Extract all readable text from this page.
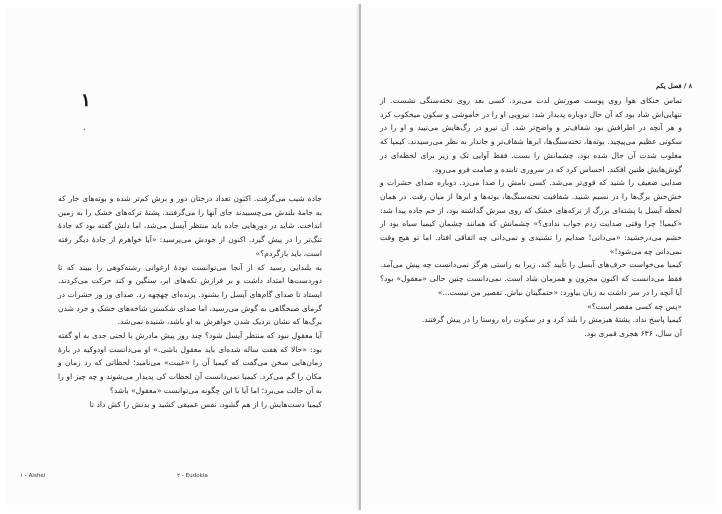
۱
·

جاده شیب می‌گرفت. اکنون تعداد درختان دور و برش کم‌تر شده و بوته‌های خار که به جامهٔ بلندش می‌چسبیدند جای آنها را می‌گرفتند. پشتهٔ ترکه‌های خشک را به زمین انداخت. شاید در دورهایی جاده باید منتظر آیسل می‌شد، اما دلش گفته بود که جادهٔ تنگ‌تر را در پیش گیرد. اکنون از خودش می‌پرسید: «آیا خواهرم از جادهٔ دیگر رفته است، باید بازگردم؟»

به بلندایی رسید که از آنجا می‌توانست تودهٔ ارغوانی رشته‌کوهی را ببیند که تا دوردست‌ها امتداد داشت و بر فرازش تکه‌های ابر، سنگین و کند حرکت می‌کردند. ایستاد تا صدای گام‌های آیسل را بشنود. پرنده‌ای چهچهه زد. صدای وز وز حشرات در گرمای صبحگاهی به گوش می‌رسید، اما صدای شکستن شاخه‌های خشک و خرد شدن برگ‌ها که نشان نزدیک شدن خواهرش به او باشد، شنیده نمی‌شد.

آیا معقول نبود که منتظر آیسل شود؟ چند روز پیش مادرش با لحنی جدی به او گفته بود: «حالا که هفت ساله شده‌ای باید معقول باشی.» او می‌دانست اودوکیه در بارهٔ زمان‌هایی سخن می‌گفت که کیمیا آن را «غیبت» می‌نامید؛ لحظاتی که رد زمان و مکان را گم می‌کرد. کیمیا نمی‌دانست آن لحظات کی پدیدار می‌شوند و چه چیز او را به آن حالت می‌برد؛ اما آیا با این چگونه می‌توانست «معقول» باشد؟

کیمیا دست‌هایش را از هم گشود، نفس عمیقی کشید و بدنش را کش داد تا

۱ - Aishel	۲ - Eudokia
۸ / فصل یکم

تماس خنکای هوا روی پوست صورتش لذت می‌برد. کسی بعد روی تخته‌سنگی نشست. از تنهایی‌اش شاد بود که آن حال دوباره پدیدار شد: نیرویی او را در خاموشی و سکون میخکوب کرد و هر آنچه در اطرافش بود شفاف‌تر و واضح‌تر شد. آن نیرو در رگ‌هایش می‌تپید و او را در سکوتی عظیم می‌پیچید. بوته‌ها، تخته‌سنگ‌ها، ابرها شفاف‌تر و جاندار به نظر می‌رسیدند. کیمیا که مغلوب شدت آن حال شده بود، چشمانش را بست. فقط آوایی تک و زیر برای لحظه‌ای در گوش‌هایش طنین افکند. احساس کرد که در سروری تابنده و صامت فرو می‌رود.

صدایی ضعیف را شنید که قوی‌تر می‌شد. کسی نامش را صدا می‌زد. دوباره صدای حشرات و خش‌خش برگ‌ها را در نسیم شنید. شفافیت تخته‌سنگ‌ها، بوته‌ها و ابرها از میان رفت. در همان لحظه آیسل با پشته‌ای بزرگ از ترکه‌های خشک که روی سرش گذاشته بود، از خم جاده پیدا شد: «کیمیا! چرا وقتی صدایت زدم جواب ندادی؟» چشمانش که همانند چشمان کیمیا سیاه بود از خشم می‌درخشید: «می‌دانی! صدایم را تشنیدی و نمی‌دانی چه اتفاقی افتاد. اما تو هیچ وقت نمی‌دانی چه می‌شود!»

کیمیا می‌خواست حرف‌های آیسل را تأیید کند، زیرا به راستی هرگز نمی‌دانست چه پیش می‌آمد. فقط می‌دانست که اکنون محزون و همزمان شاد است. نمی‌دانست چنین حالی «معقول» بود؟ آیا آنچه را در سر داشت به زبان بیاورد: «حتمگینان نباش. تقصیر من نیست...»

«پس چه کسی مقصر است؟»

کیمیا پاسخ نداد. پشتهٔ هیزمش را بلند کرد و در سکوت راه روستا را در پیش گرفتند.

آن سال، ۶۳۶ هجری قمری بود.
